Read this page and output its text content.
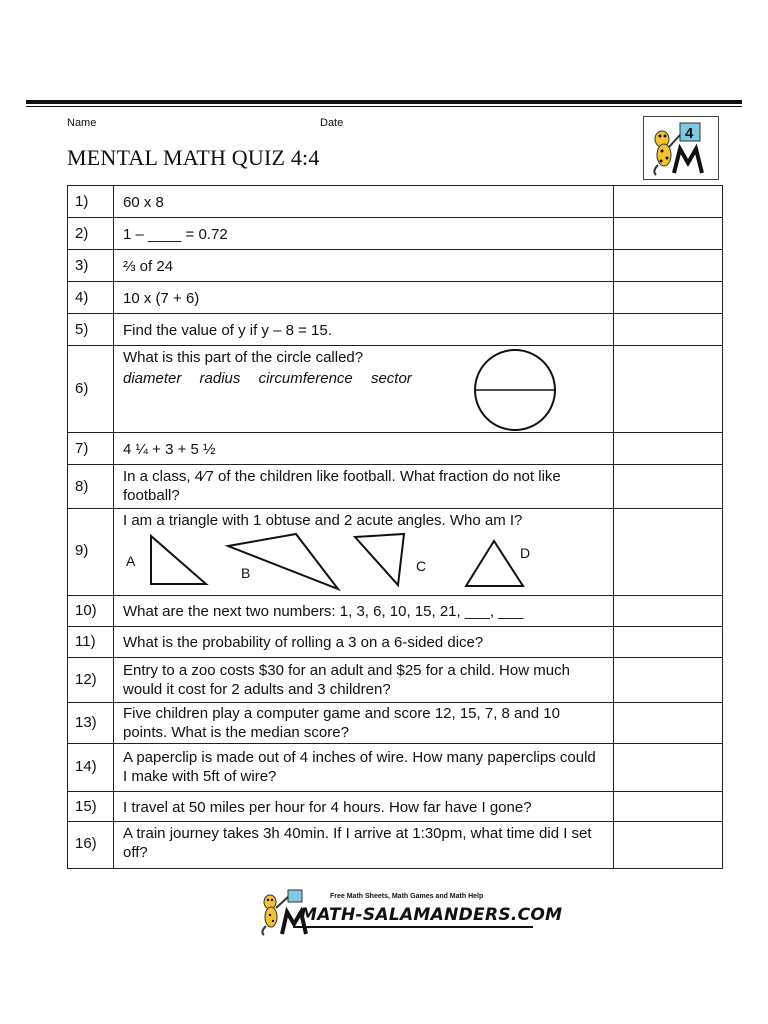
Name	Date
MENTAL MATH QUIZ 4:4
4
1) 60 x 8
2) 1 – ____ = 0.72
3) ⅔ of 24
4) 10 x (7 + 6)
5) Find the value of y if y – 8 = 15.
6)
What is this part of the circle called?
diameter radius circumference sector
7) 4 ¼ + 3 + 5 ½
8)
In a class, 4⁄7 of the children like football. What fraction do not like football?
9)
I am a triangle with 1 obtuse and 2 acute angles. Who am I?
A
B	C
D
10) What are the next two numbers: 1, 3, 6, 10, 15, 21, ___, ___
11) What is the probability of rolling a 3 on a 6-sided dice?
12)
Entry to a zoo costs $30 for an adult and $25 for a child. How much would it cost for 2 adults and 3 children?
13)
Five children play a computer game and score 12, 15, 7, 8 and 10 points. What is the median score?
14)
A paperclip is made out of 4 inches of wire. How many paperclips could I make with 5ft of wire?
15) I travel at 50 miles per hour for 4 hours. How far have I gone?
16)
A train journey takes 3h 40min. If I arrive at 1:30pm, what time did I set off?
Free Math Sheets, Math Games and Math Help
MATH-SALAMANDERS.COM
